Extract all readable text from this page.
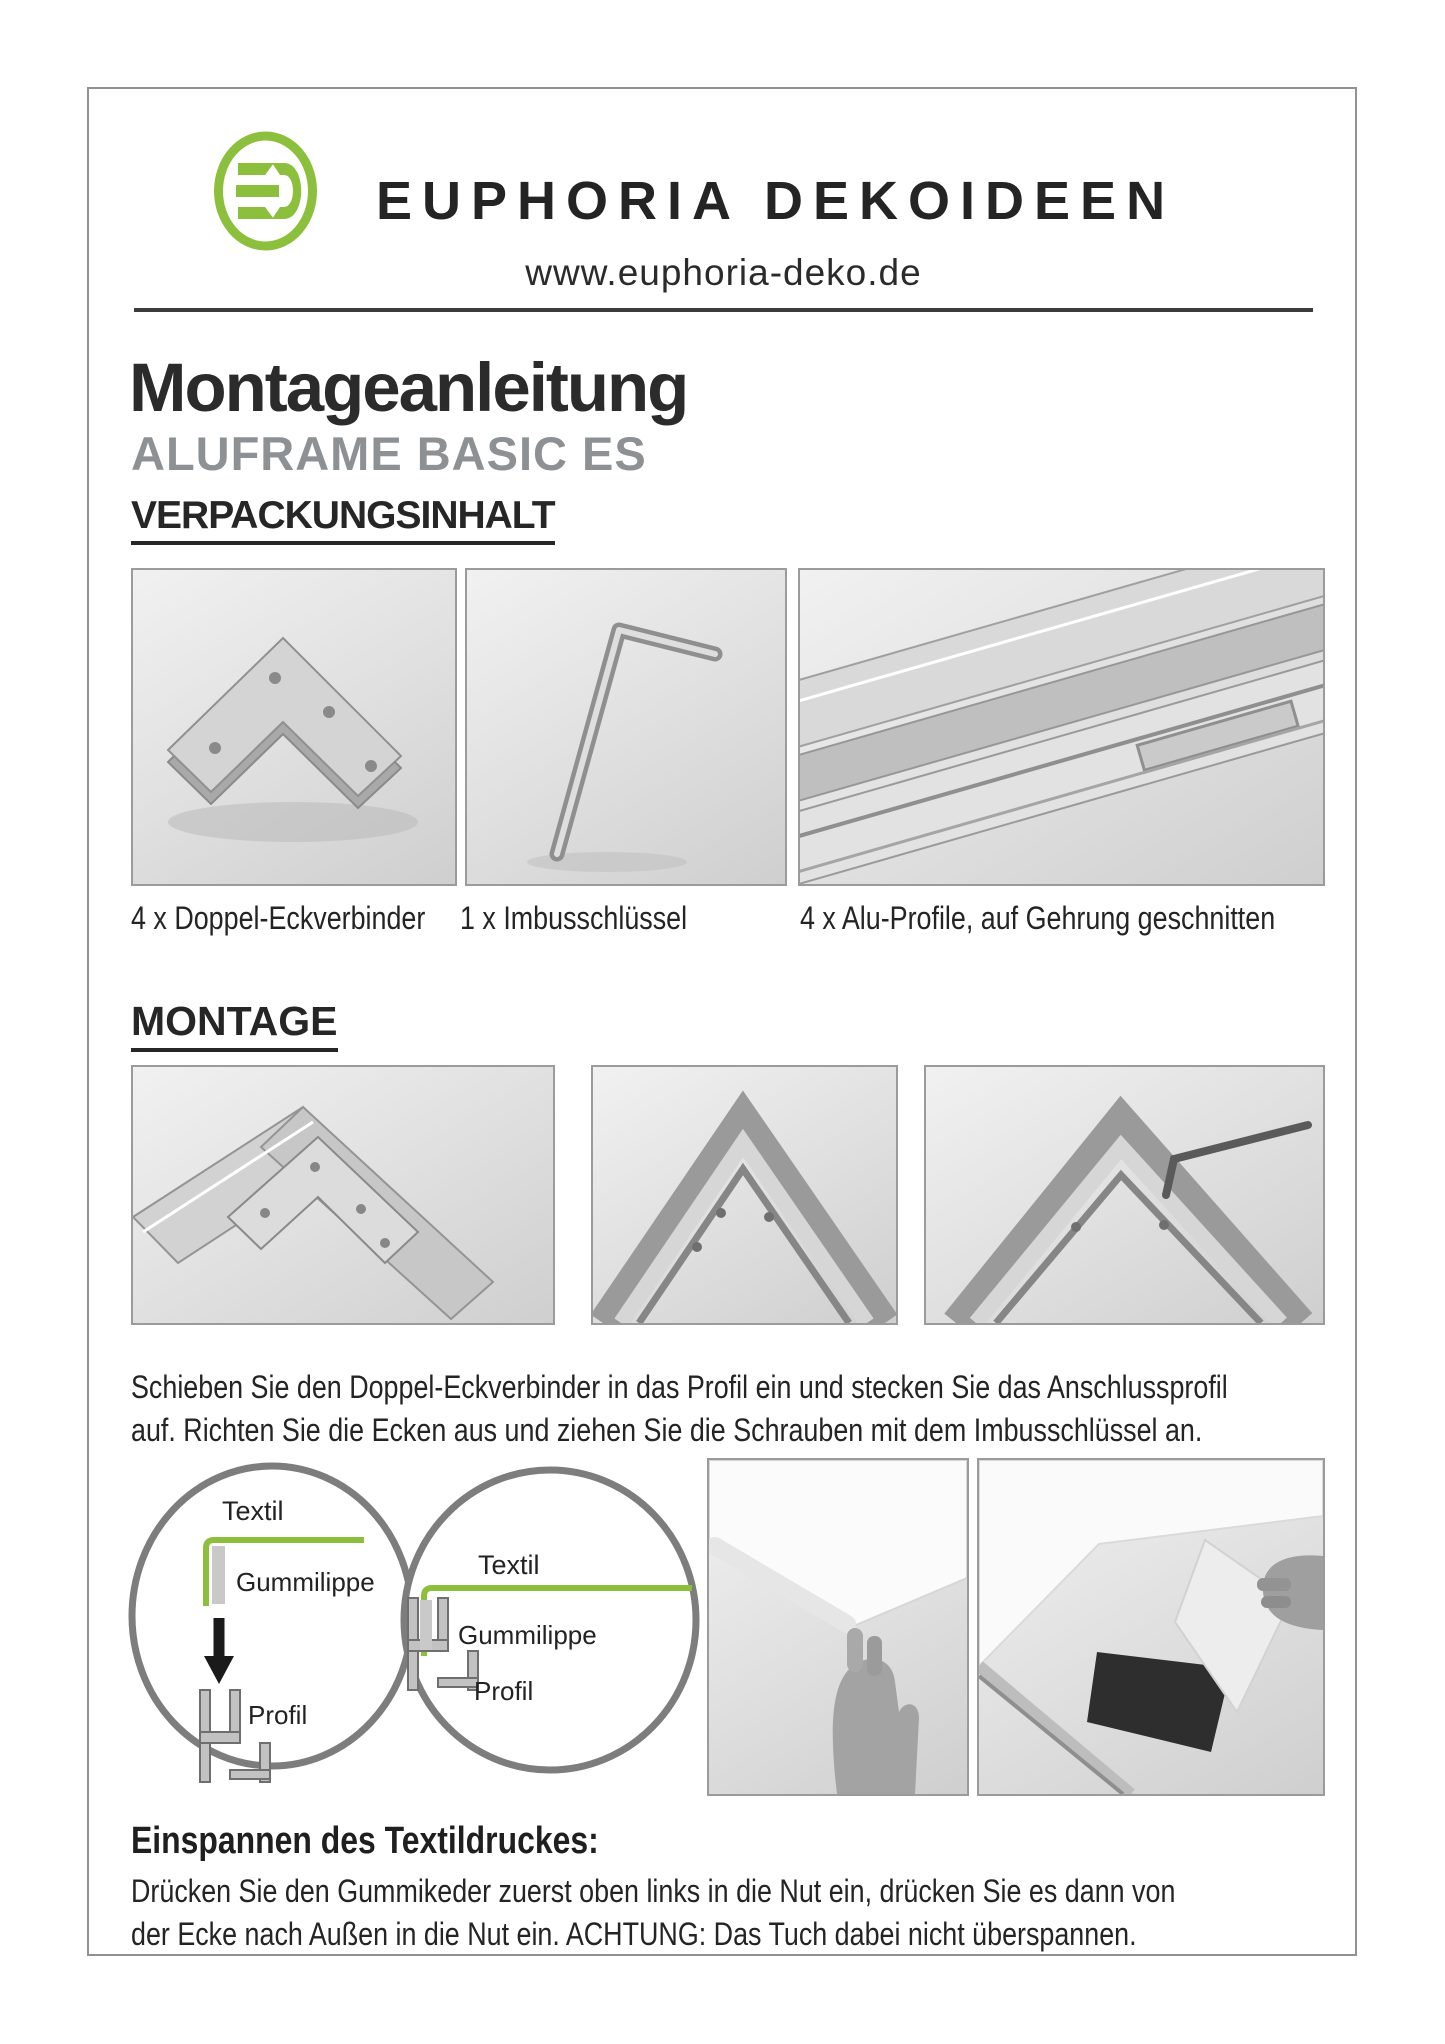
EUPHORIA DEKOIDEEN
www.euphoria-deko.de
Montageanleitung
ALUFRAME BASIC ES
VERPACKUNGSINHALT
4 x Doppel-Eckverbinder 1 x Imbusschlüssel	4 x Alu-Profile, auf Gehrung geschnitten
MONTAGE
Schieben Sie den Doppel-Eckverbinder in das Profil ein und stecken Sie das Anschlussprofil
auf. Richten Sie die Ecken aus und ziehen Sie die Schrauben mit dem Imbusschlüssel an.
Textil
Gummilippe
Profil
Textil
Gummilippe
Profil
Einspannen des Textildruckes:
Drücken Sie den Gummikeder zuerst oben links in die Nut ein, drücken Sie es dann von
der Ecke nach Außen in die Nut ein. ACHTUNG: Das Tuch dabei nicht überspannen.
